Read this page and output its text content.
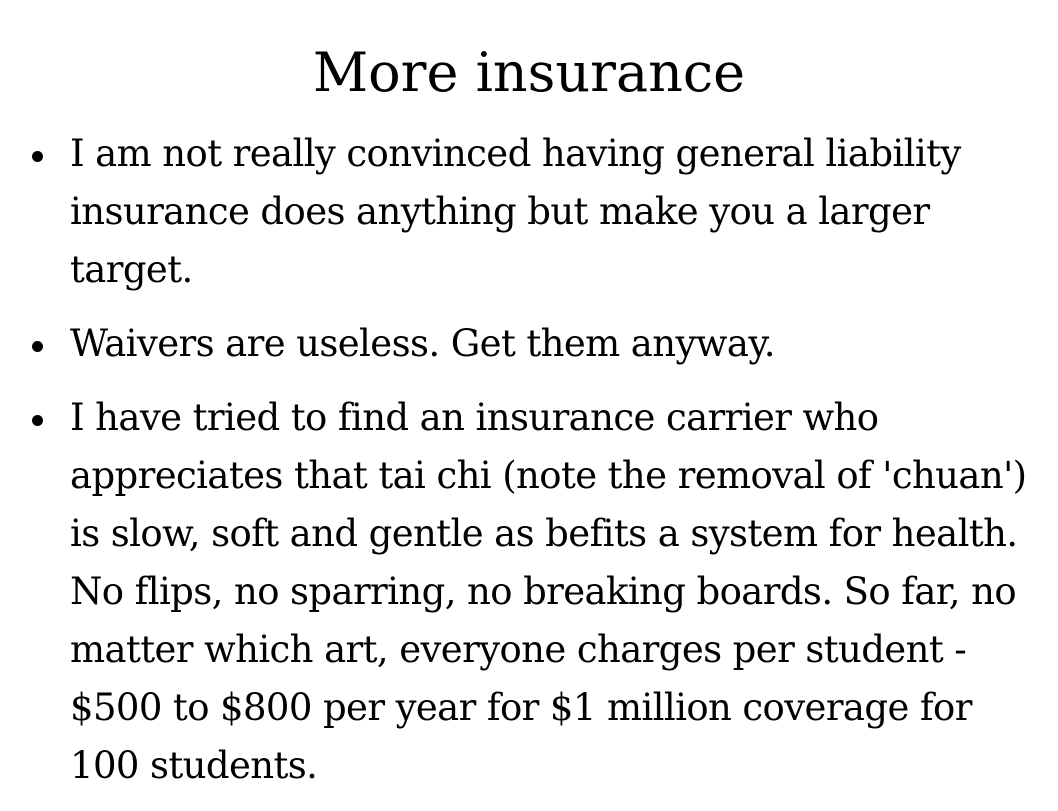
More insurance
I am not really convinced having general liability insurance does anything but make you a larger target.
Waivers are useless. Get them anyway.
I have tried to find an insurance carrier who appreciates that tai chi (note the removal of 'chuan') is slow, soft and gentle as befits a system for health. No flips, no sparring, no breaking boards. So far, no matter which art, everyone charges per student - $500 to $800 per year for $1 million coverage for 100 students.
